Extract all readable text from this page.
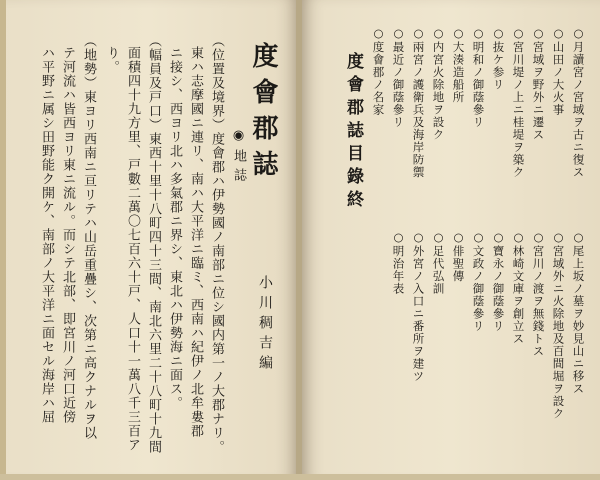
度會郡誌
小川稠吉編
◉地誌
（位置及境界）度會郡ハ伊勢國ノ南部ニ位シ國内第一ノ大郡ナリ。
東ハ志摩國ニ連リ、南ハ大平洋ニ臨ミ、西南ハ紀伊ノ北牟婁郡
ニ接シ、西ヨリ北ハ多氣郡ニ界シ、東北ハ伊勢海ニ面ス。
（幅員及戸口）東西十里十八町四十三間、南北六里二十八町十九間
面積四十九方里、戸數二萬〇七百六十戸、人口十一萬八千三百ア
り。
（地勢）東ヨリ西南ニ亘リテハ山岳重疊シ、次第ニ高クナルヲ以
テ河流ハ皆西ヨリ東ニ流ル。而シテ北部、即宮川ノ河口近傍
ハ平野ニ属シ田野能ク開ケ、南部ノ大平洋ニ面セル海岸ハ屈	○月讀宮ノ宮域ヲ古ニ復ス
○山田ノ大火事
○宮域ヲ野外ニ遷ス
○宮川堤ノ上ニ桂堤ヲ築ク
○抜ケ参リ
○明和ノ御蔭參リ
○大湊造船所
○内宮火除地ヲ設ク
○兩宮ノ護衛兵及海岸防禦
○最近ノ御蔭參リ
○度會郡ノ名家
○尾上坂ノ墓ヲ妙見山ニ移ス
○宮域外ニ火除地及百間堀ヲ設ク
○宮川ノ渡ヲ無錢トス
○林崎文庫ヲ創立ス
○寶永ノ御蔭參リ
○文政ノ御蔭參リ
○俳聖傳
○足代弘訓
○外宮ノ入口ニ番所ヲ建ツ
○明治年表
度會郡誌目錄終
